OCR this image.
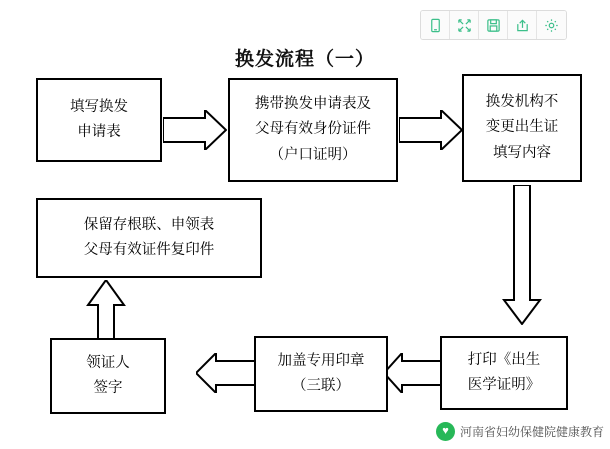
换发流程（一）
填写换发
申请表
携带换发申请表及
父母有效身份证件
（户口证明）
换发机构不
变更出生证
填写内容
保留存根联、申领表
父母有效证件复印件
打印《出生
医学证明》
加盖专用印章
（三联）
领证人
签字
♥ 河南省妇幼保健院健康教育
